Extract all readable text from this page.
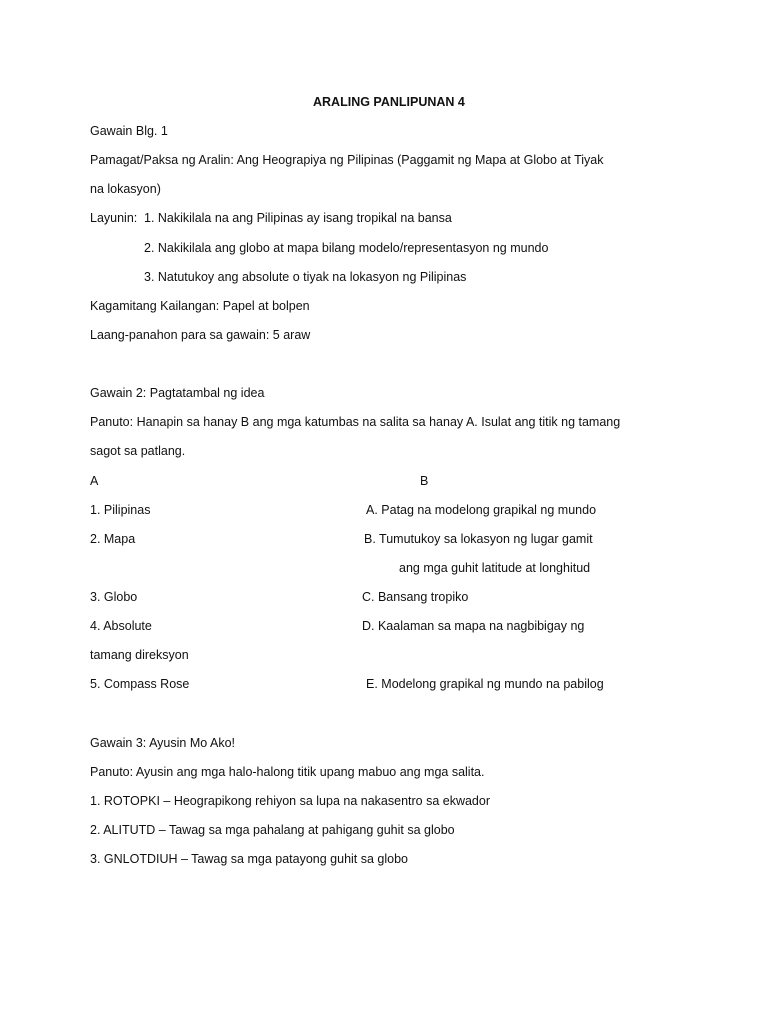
ARALING PANLIPUNAN 4
Gawain Blg. 1
Pamagat/Paksa ng Aralin: Ang Heograpiya ng Pilipinas (Paggamit ng Mapa at Globo at Tiyak
na lokasyon)
Layunin: 1. Nakikilala na ang Pilipinas ay isang tropikal na bansa
2. Nakikilala ang globo at mapa bilang modelo/representasyon ng mundo
3. Natutukoy ang absolute o tiyak na lokasyon ng Pilipinas
Kagamitang Kailangan: Papel at bolpen
Laang-panahon para sa gawain: 5 araw
Gawain 2: Pagtatambal ng idea
Panuto: Hanapin sa hanay B ang mga katumbas na salita sa hanay A. Isulat ang titik ng tamang
sagot sa patlang.
A	B
1. Pilipinas	A. Patag na modelong grapikal ng mundo
2. Mapa	B. Tumutukoy sa lokasyon ng lugar gamit
ang mga guhit latitude at longhitud
3. Globo	C. Bansang tropiko
4. Absolute	D. Kaalaman sa mapa na nagbibigay ng
tamang direksyon
5. Compass Rose	E. Modelong grapikal ng mundo na pabilog
Gawain 3: Ayusin Mo Ako!
Panuto: Ayusin ang mga halo-halong titik upang mabuo ang mga salita.
1. ROTOPKI – Heograpikong rehiyon sa lupa na nakasentro sa ekwador
2. ALITUTD – Tawag sa mga pahalang at pahigang guhit sa globo
3. GNLOTDIUH – Tawag sa mga patayong guhit sa globo
